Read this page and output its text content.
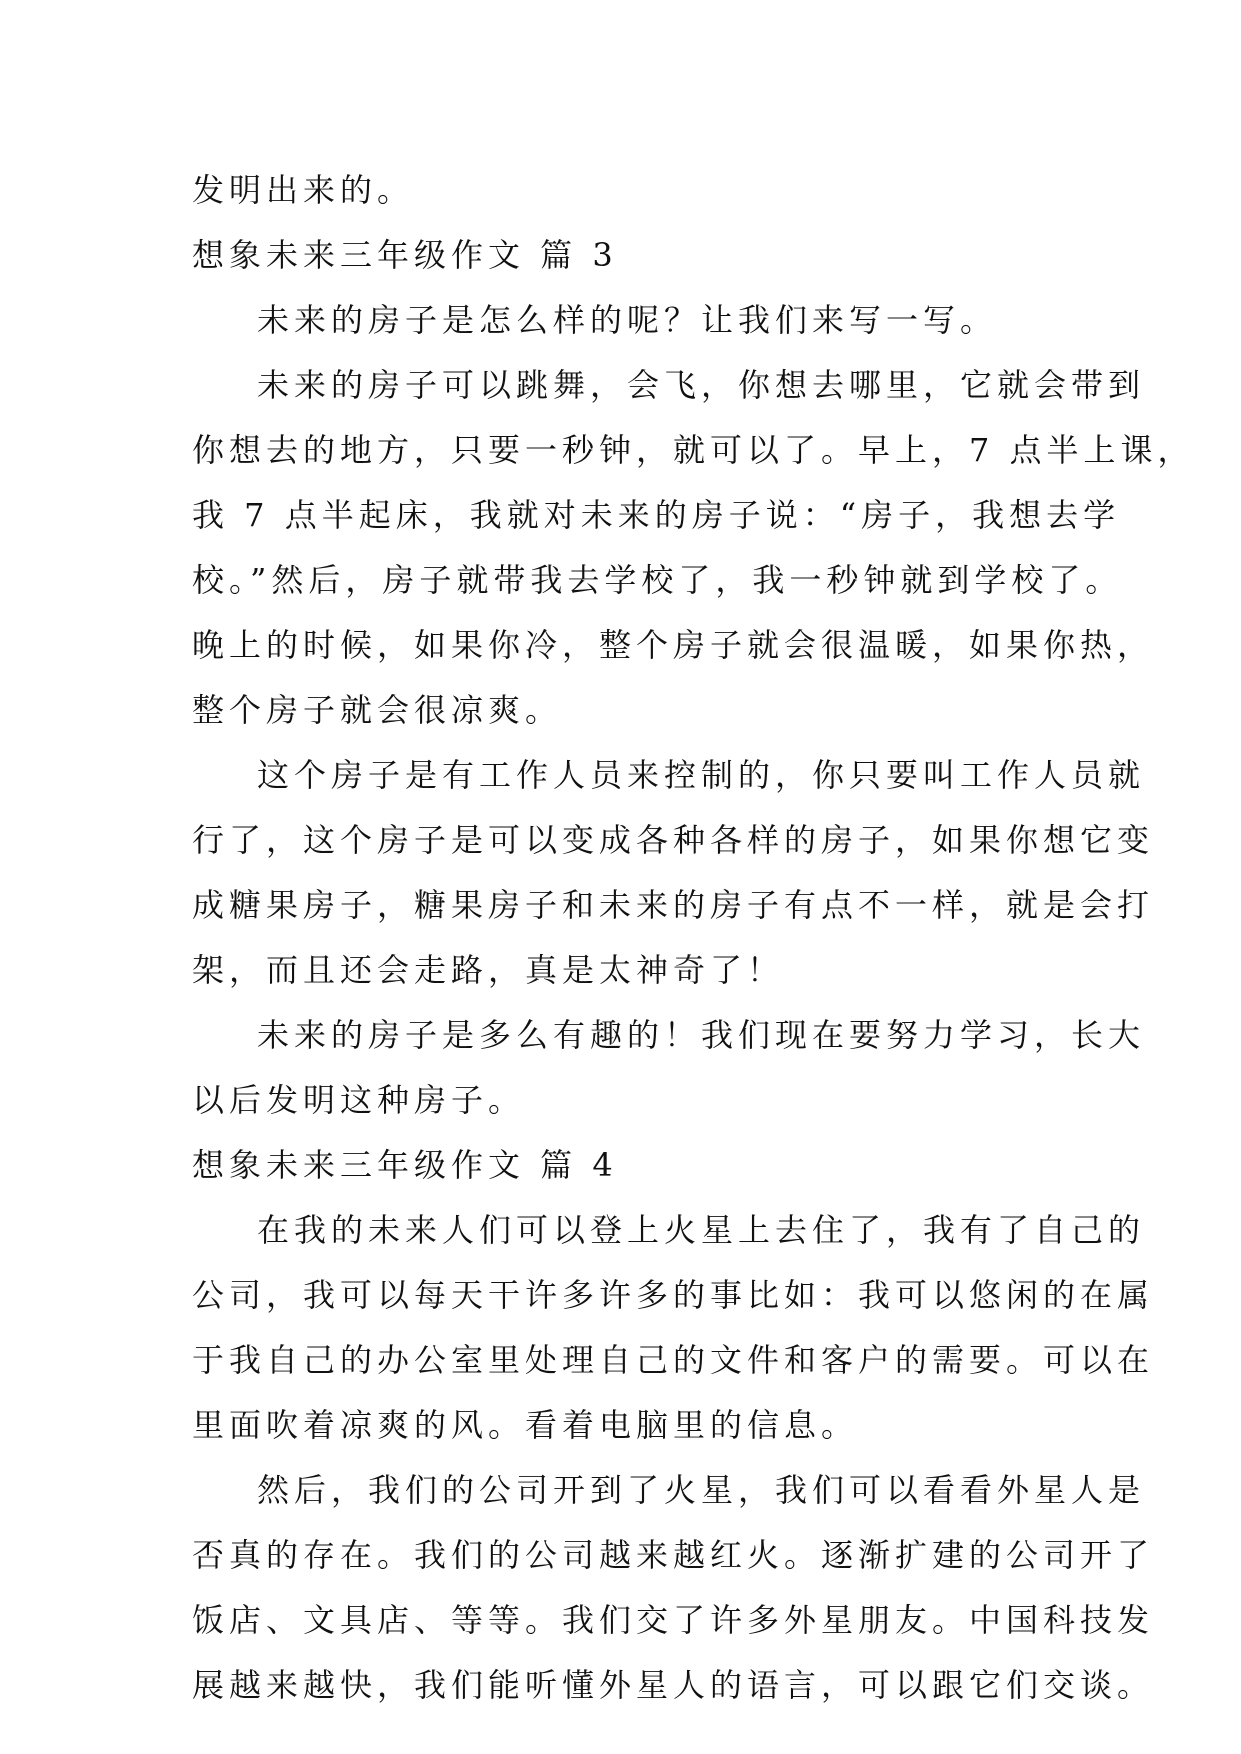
发明出来的。

想象未来三年级作文 篇 3

未来的房子是怎么样的呢？让我们来写一写。

未来的房子可以跳舞，会飞，你想去哪里，它就会带到

你想去的地方，只要一秒钟，就可以了。早上，7 点半上课，

我 7 点半起床，我就对未来的房子说：“房子，我想去学

校。”然后，房子就带我去学校了，我一秒钟就到学校了。

晚上的时候，如果你冷，整个房子就会很温暖，如果你热，

整个房子就会很凉爽。

这个房子是有工作人员来控制的，你只要叫工作人员就

行了，这个房子是可以变成各种各样的房子，如果你想它变

成糖果房子，糖果房子和未来的房子有点不一样，就是会打

架，而且还会走路，真是太神奇了！

未来的房子是多么有趣的！我们现在要努力学习，长大

以后发明这种房子。

想象未来三年级作文 篇 4

在我的未来人们可以登上火星上去住了，我有了自己的

公司，我可以每天干许多许多的事比如：我可以悠闲的在属

于我自己的办公室里处理自己的文件和客户的需要。可以在

里面吹着凉爽的风。看着电脑里的信息。

然后，我们的公司开到了火星，我们可以看看外星人是

否真的存在。我们的公司越来越红火。逐渐扩建的公司开了

饭店、文具店、等等。我们交了许多外星朋友。中国科技发

展越来越快，我们能听懂外星人的语言，可以跟它们交谈。
